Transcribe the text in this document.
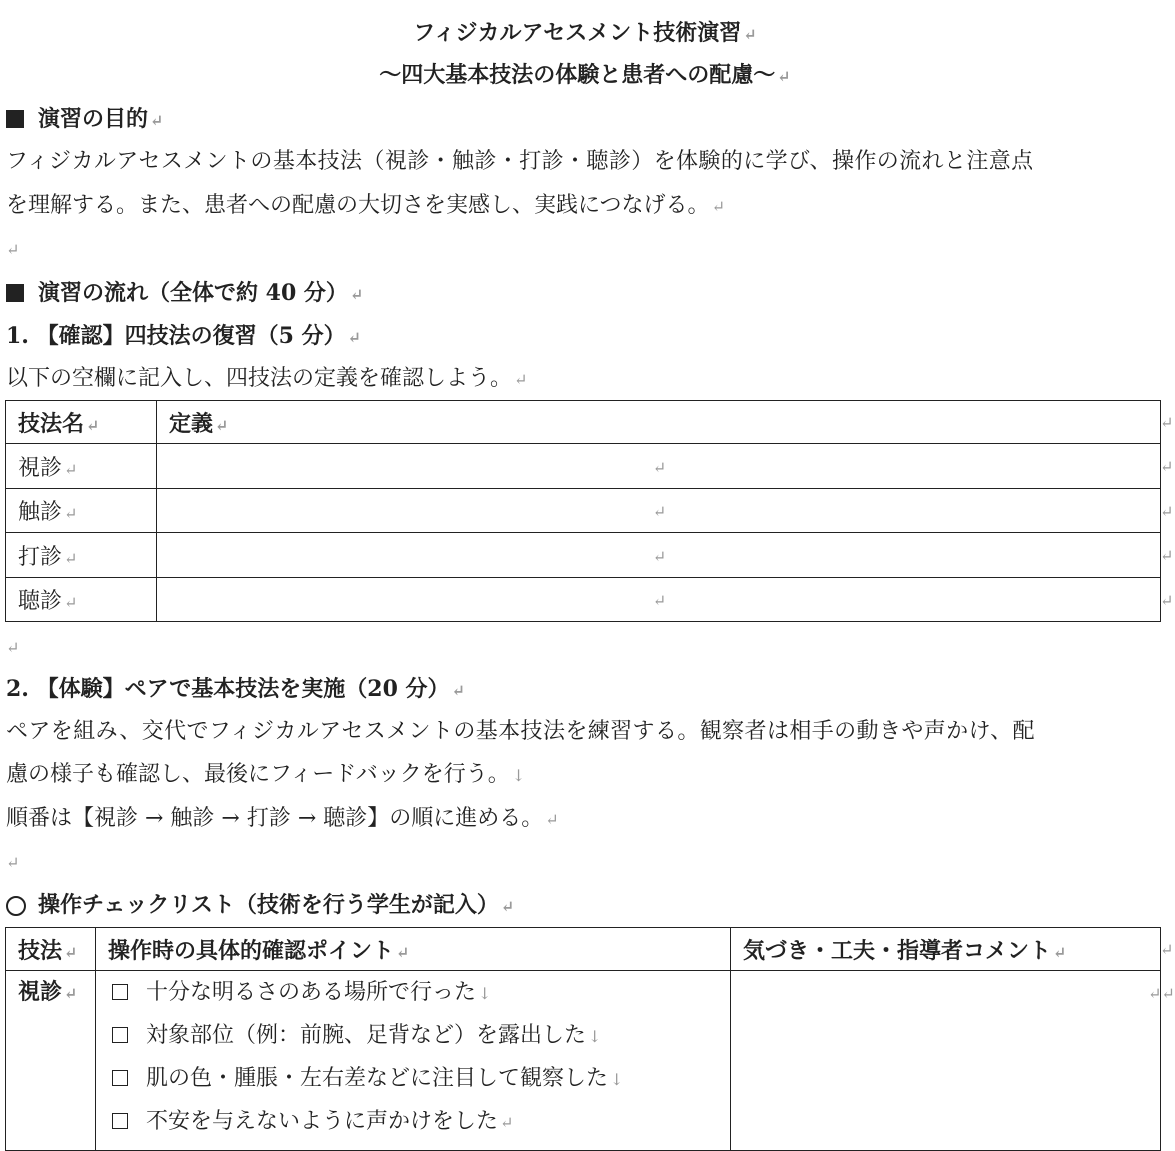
フィジカルアセスメント技術演習 ↵
〜四大基本技法の体験と患者への配慮〜 ↵
演習の目的 ↵
フィジカルアセスメントの基本技法（視診・触診・打診・聴診）を体験的に学び、操作の流れと注意点
を理解する。また、患者への配慮の大切さを実感し、実践につなげる。 ↵
↵
演習の流れ（全体で約 40 分） ↵
1. 【確認】四技法の復習（5 分） ↵
以下の空欄に記入し、四技法の定義を確認しよう。 ↵
技法名 ↵	定義 ↵
視診 ↵	↵
触診 ↵	↵
打診 ↵	↵
聴診 ↵	↵
↵
↵
↵
↵
↵
↵
2. 【体験】ペアで基本技法を実施（20 分） ↵
ペアを組み、交代でフィジカルアセスメントの基本技法を練習する。観察者は相手の動きや声かけ、配
慮の様子も確認し、最後にフィードバックを行う。 ↓
順番は【視診 → 触診 → 打診 → 聴診】の順に進める。 ↵
↵
操作チェックリスト（技術を行う学生が記入） ↵
技法 ↵	操作時の具体的確認ポイント ↵	気づき・工夫・指導者コメント ↵

視診 ↵	十分な明るさのある場所で行った ↓
対象部位（例：前腕、足背など）を露出した ↓
肌の色・腫脹・左右差などに注目して観察した ↓
不安を与えないように声かけをした ↵	

↵
↵↵
